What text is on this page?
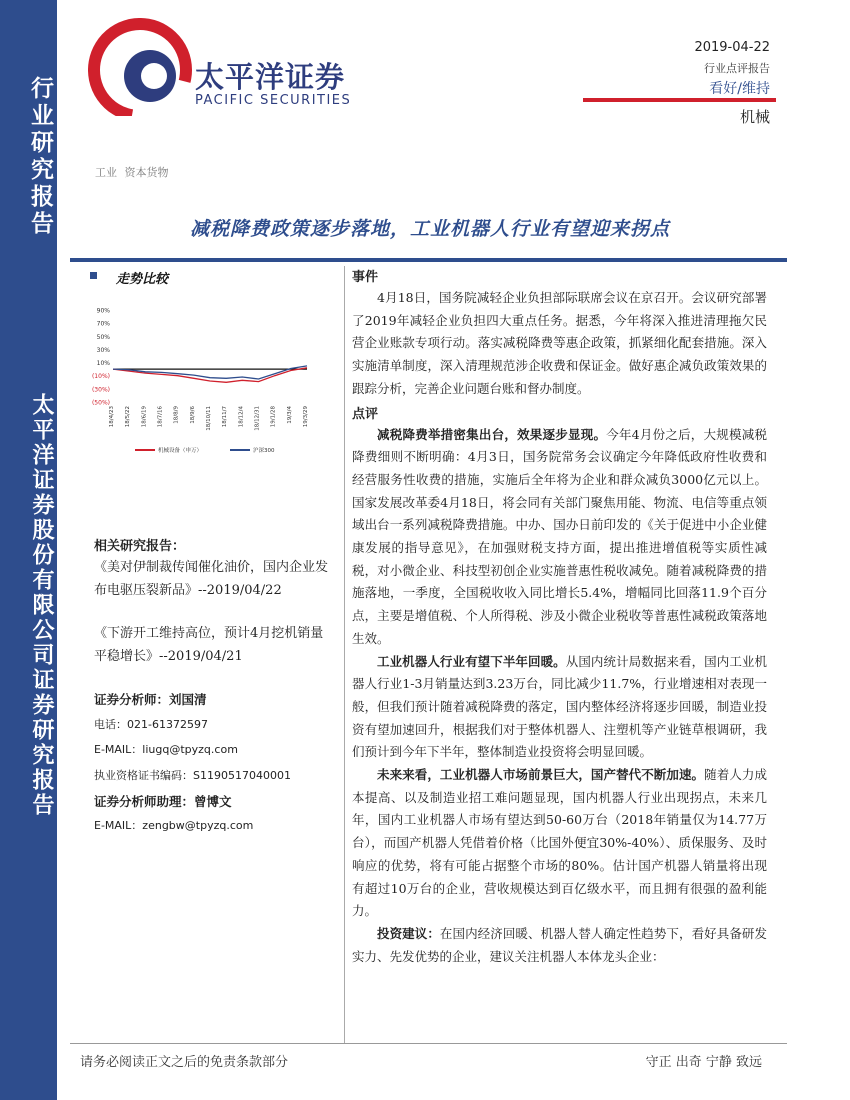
行业研究报告
太平洋证券股份有限公司证券研究报告
太平洋证券
PACIFIC SECURITIES
2019-04-22
行业点评报告
看好/维持
机械
工业 资本货物
减税降费政策逐步落地，工业机器人行业有望迎来拐点
走势比较
90%
70%
50%
30%
10%
(10%)
(30%)
(50%)
18/4/23 18/5/22 18/6/19 18/7/16 18/8/9 18/9/6 18/10/11 18/11/7 18/12/4 18/12/31 19/1/28 19/3/4 19/3/29
机械设备（申万）	沪深300
相关研究报告：
《美对伊制裁传闻催化油价，国内企业发布电驱压裂新品》--2019/04/22
《下游开工维持高位，预计4月挖机销量平稳增长》--2019/04/21
证券分析师：刘国清
电话：021-61372597
E-MAIL：liugq@tpyzq.com
执业资格证书编码：S1190517040001
证券分析师助理：曾博文
E-MAIL：zengbw@tpyzq.com
事件

4月18日，国务院减轻企业负担部际联席会议在京召开。会议研究部署了2019年减轻企业负担四大重点任务。据悉，今年将深入推进清理拖欠民营企业账款专项行动。落实减税降费等惠企政策，抓紧细化配套措施。深入实施清单制度，深入清理规范涉企收费和保证金。做好惠企减负政策效果的跟踪分析，完善企业问题台账和督办制度。

点评

减税降费举措密集出台，效果逐步显现。今年4月份之后，大规模减税降费细则不断明确：4月3日，国务院常务会议确定今年降低政府性收费和经营服务性收费的措施，实施后全年将为企业和群众减负3000亿元以上。国家发展改革委4月18日，将会同有关部门聚焦用能、物流、电信等重点领域出台一系列减税降费措施。中办、国办日前印发的《关于促进中小企业健康发展的指导意见》，在加强财税支持方面，提出推进增值税等实质性减税，对小微企业、科技型初创企业实施普惠性税收减免。随着减税降费的措施落地，一季度，全国税收收入同比增长5.4%，增幅同比回落11.9个百分点，主要是增值税、个人所得税、涉及小微企业税收等普惠性减税政策落地生效。

工业机器人行业有望下半年回暖。从国内统计局数据来看，国内工业机器人行业1-3月销量达到3.23万台，同比减少11.7%，行业增速相对表现一般，但我们预计随着减税降费的落定，国内整体经济将逐步回暖，制造业投资有望加速回升，根据我们对于整体机器人、注塑机等产业链草根调研，我们预计到今年下半年，整体制造业投资将会明显回暖。

未来来看，工业机器人市场前景巨大，国产替代不断加速。随着人力成本提高、以及制造业招工难问题显现，国内机器人行业出现拐点，未来几年，国内工业机器人市场有望达到50-60万台（2018年销量仅为14.77万台），而国产机器人凭借着价格（比国外便宜30%-40%）、质保服务、及时响应的优势，将有可能占据整个市场的80%。估计国产机器人销量将出现有超过10万台的企业，营收规模达到百亿级水平，而且拥有很强的盈利能力。

投资建议：在国内经济回暖、机器人替人确定性趋势下，看好具备研发实力、先发优势的企业，建议关注机器人本体龙头企业：

请务必阅读正文之后的免责条款部分	守正 出奇 宁静 致远
